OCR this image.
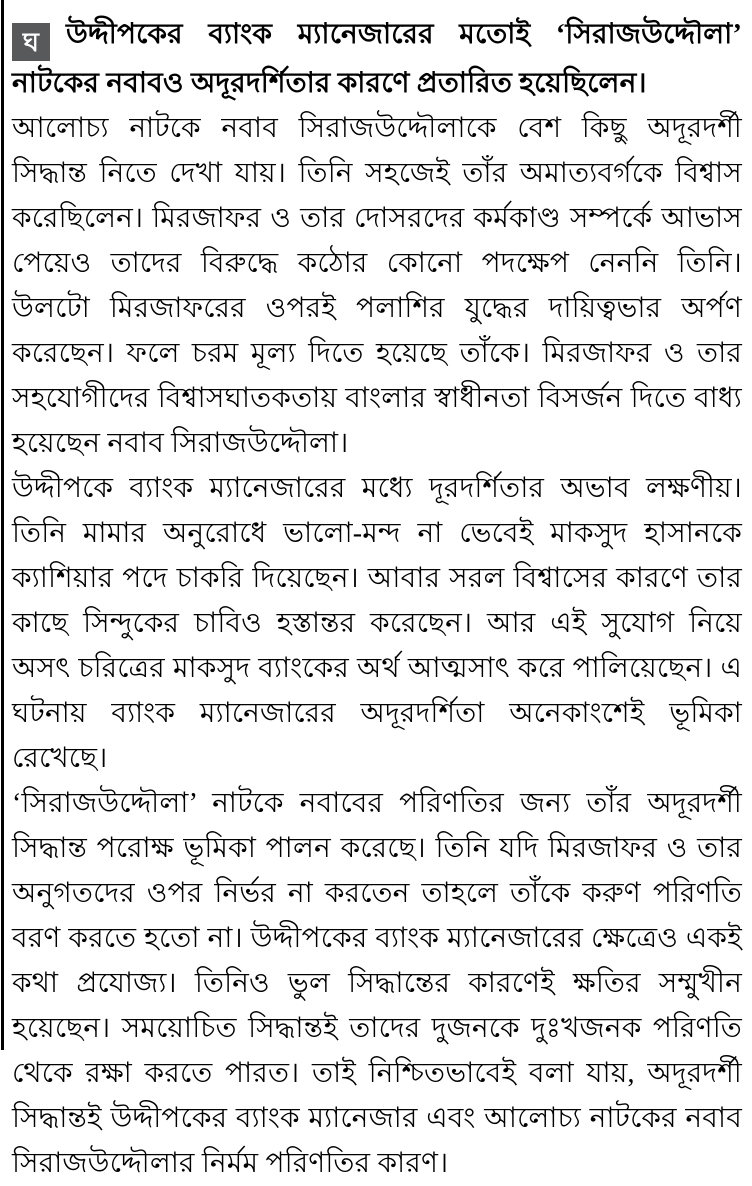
ঘ উদ্দীপকের ব্যাংক ম্যানেজারের মতোই ‘সিরাজউদ্দৌলা’ নাটকের নবাবও অদূরদর্শিতার কারণে প্রতারিত হয়েছিলেন।

আলোচ্য নাটকে নবাব সিরাজউদ্দৌলাকে বেশ কিছু অদূরদর্শী সিদ্ধান্ত নিতে দেখা যায়। তিনি সহজেই তাঁর অমাত্যবর্গকে বিশ্বাস করেছিলেন। মিরজাফর ও তার দোসরদের কর্মকাণ্ড সম্পর্কে আভাস পেয়েও তাদের বিরুদ্ধে কঠোর কোনো পদক্ষেপ নেননি তিনি। উলটো মিরজাফরের ওপরই পলাশির যুদ্ধের দায়িত্বভার অর্পণ করেছেন। ফলে চরম মূল্য দিতে হয়েছে তাঁকে। মিরজাফর ও তার সহযোগীদের বিশ্বাসঘাতকতায় বাংলার স্বাধীনতা বিসর্জন দিতে বাধ্য হয়েছেন নবাব সিরাজউদ্দৌলা।

উদ্দীপকে ব্যাংক ম্যানেজারের মধ্যে দূরদর্শিতার অভাব লক্ষণীয়। তিনি মামার অনুরোধে ভালো-মন্দ না ভেবেই মাকসুদ হাসানকে ক্যাশিয়ার পদে চাকরি দিয়েছেন। আবার সরল বিশ্বাসের কারণে তার কাছে সিন্দুকের চাবিও হস্তান্তর করেছেন। আর এই সুযোগ নিয়ে অসৎ চরিত্রের মাকসুদ ব্যাংকের অর্থ আত্মসাৎ করে পালিয়েছেন। এ ঘটনায় ব্যাংক ম্যানেজারের অদূরদর্শিতা অনেকাংশেই ভূমিকা রেখেছে।

‘সিরাজউদ্দৌলা’ নাটকে নবাবের পরিণতির জন্য তাঁর অদূরদর্শী সিদ্ধান্ত পরোক্ষ ভূমিকা পালন করেছে। তিনি যদি মিরজাফর ও তার অনুগতদের ওপর নির্ভর না করতেন তাহলে তাঁকে করুণ পরিণতি বরণ করতে হতো না। উদ্দীপকের ব্যাংক ম্যানেজারের ক্ষেত্রেও একই কথা প্রযোজ্য। তিনিও ভুল সিদ্ধান্তের কারণেই ক্ষতির সম্মুখীন হয়েছেন। সময়োচিত সিদ্ধান্তই তাদের দুজনকে দুঃখজনক পরিণতি থেকে রক্ষা করতে পারত। তাই নিশ্চিতভাবেই বলা যায়, অদূরদর্শী সিদ্ধান্তই উদ্দীপকের ব্যাংক ম্যানেজার এবং আলোচ্য নাটকের নবাব সিরাজউদ্দৌলার নির্মম পরিণতির কারণ।
